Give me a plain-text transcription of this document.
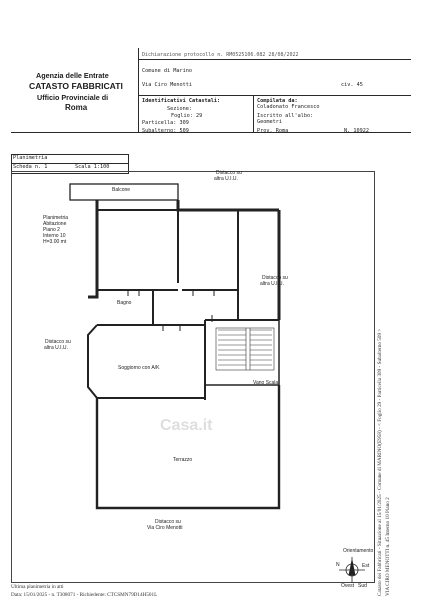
Agenzia delle Entrate
CATASTO FABBRICATI
Ufficio Provinciale di
Roma
Dichiarazione protocollo n. RM0525106.082 28/08/2022
Comune di Marino
Via Ciro Menotti	civ. 45
Identificativi Catastali:
Sezione:
Foglio: 29
Particella: 309
Subalterno: 509
Compilata da:
Coladonato Francesco
Iscritto all'albo:
Geometri
Prov. Roma	N. 10922
Planimetria
Scheda n. 1	Scala 1:100
Distacco su
altra U.I.U.
Balcone
Planimetria
Abitazione
Piano 2
Interno 10
H=3.00 mt
Distacco su
altra U.I.U.
Bagno
Distacco su
altra U.I.U.
Soggiorno con A/K
Vano Scala
Casa.it
Terrazzo
Distacco su
Via Ciro Menotti
Orientamento
N	Est
Ovest Sud
Ultima planimetria in atti
Data: 15/01/2025 - n. T308071 - Richiedente: CTCSMN79D14H501L	Catasto dei Fabbricati - Situazione al 15/01/2025 - Comune di MARINO(E958) - < Foglio 29 - Particella 309 - Subalterno 509 > VIA CIRO MENOTTI n. 45 Interno 10 Piano 2
